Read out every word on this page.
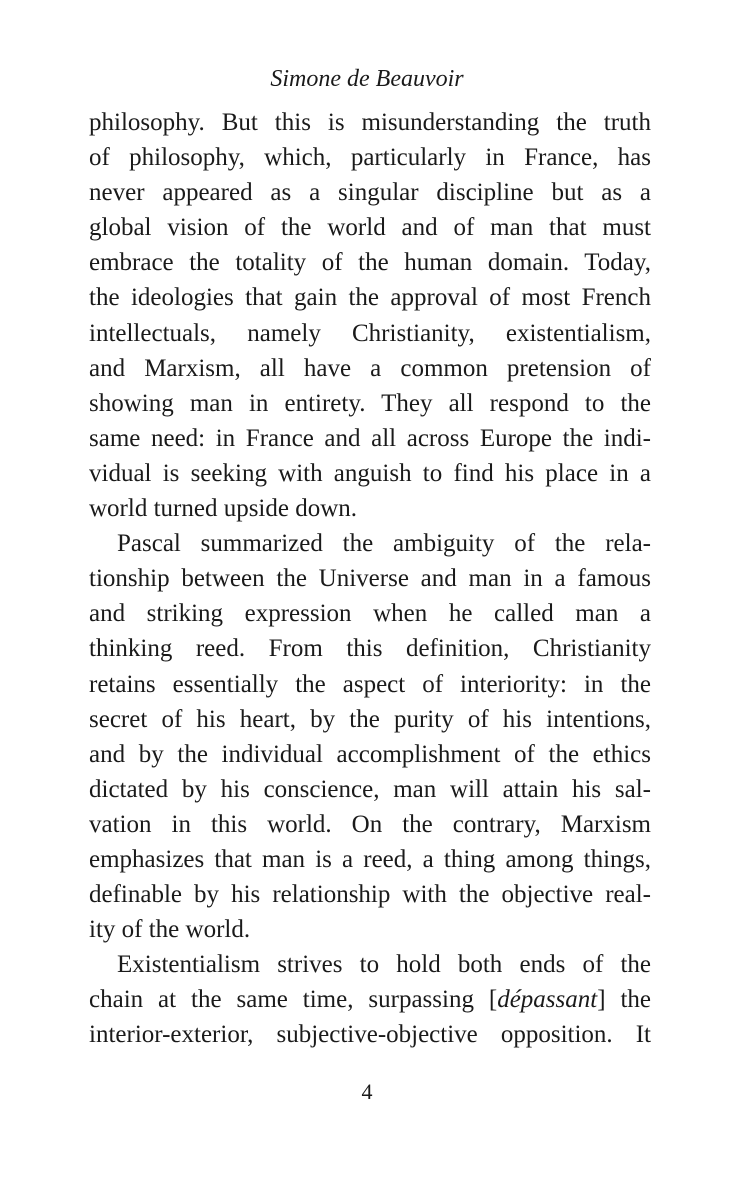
Simone de Beauvoir
philosophy. But this is misunderstanding the truth
of philosophy, which, particularly in France, has
never appeared as a singular discipline but as a
global vision of the world and of man that must
embrace the totality of the human domain. Today,
the ideologies that gain the approval of most French
intellectuals, namely Christianity, existentialism,
and Marxism, all have a common pretension of
showing man in entirety. They all respond to the
same need: in France and all across Europe the indi-
vidual is seeking with anguish to find his place in a
world turned upside down.
Pascal summarized the ambiguity of the rela-
tionship between the Universe and man in a famous
and striking expression when he called man a
thinking reed. From this definition, Christianity
retains essentially the aspect of interiority: in the
secret of his heart, by the purity of his intentions,
and by the individual accomplishment of the ethics
dictated by his conscience, man will attain his sal-
vation in this world. On the contrary, Marxism
emphasizes that man is a reed, a thing among things,
definable by his relationship with the objective real-
ity of the world.
Existentialism strives to hold both ends of the
chain at the same time, surpassing [dépassant] the
interior-exterior, subjective-objective opposition. It
4
